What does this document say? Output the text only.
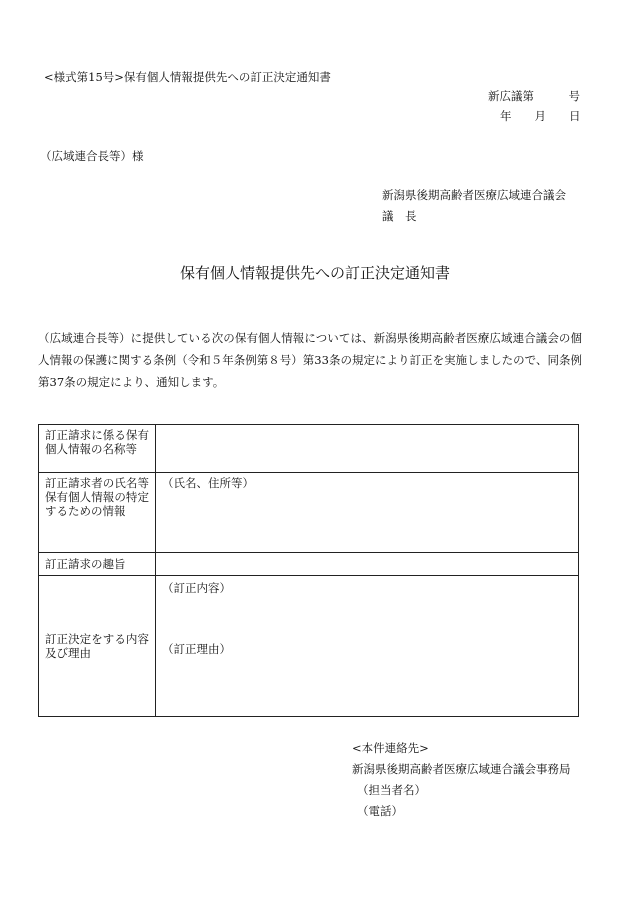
<様式第15号>保有個人情報提供先への訂正決定通知書
新広議第　　　号
年　　月　　日
（広域連合長等）様
新潟県後期高齢者医療広域連合議会
議　長
保有個人情報提供先への訂正決定通知書
（広域連合長等）に提供している次の保有個人情報については、新潟県後期高齢者医療広域連合議会の個人情報の保護に関する条例（令和５年条例第８号）第33条の規定により訂正を実施しましたので、同条例第37条の規定により、通知します。
訂正請求に係る保有個人情報の名称等	
訂正請求者の氏名等保有個人情報の特定するための情報	（氏名、住所等）

訂正請求の趣旨	
訂正決定をする内容及び理由	（訂正内容）
（訂正理由）
<本件連絡先>
新潟県後期高齢者医療広域連合議会事務局
（担当者名）
（電話）
